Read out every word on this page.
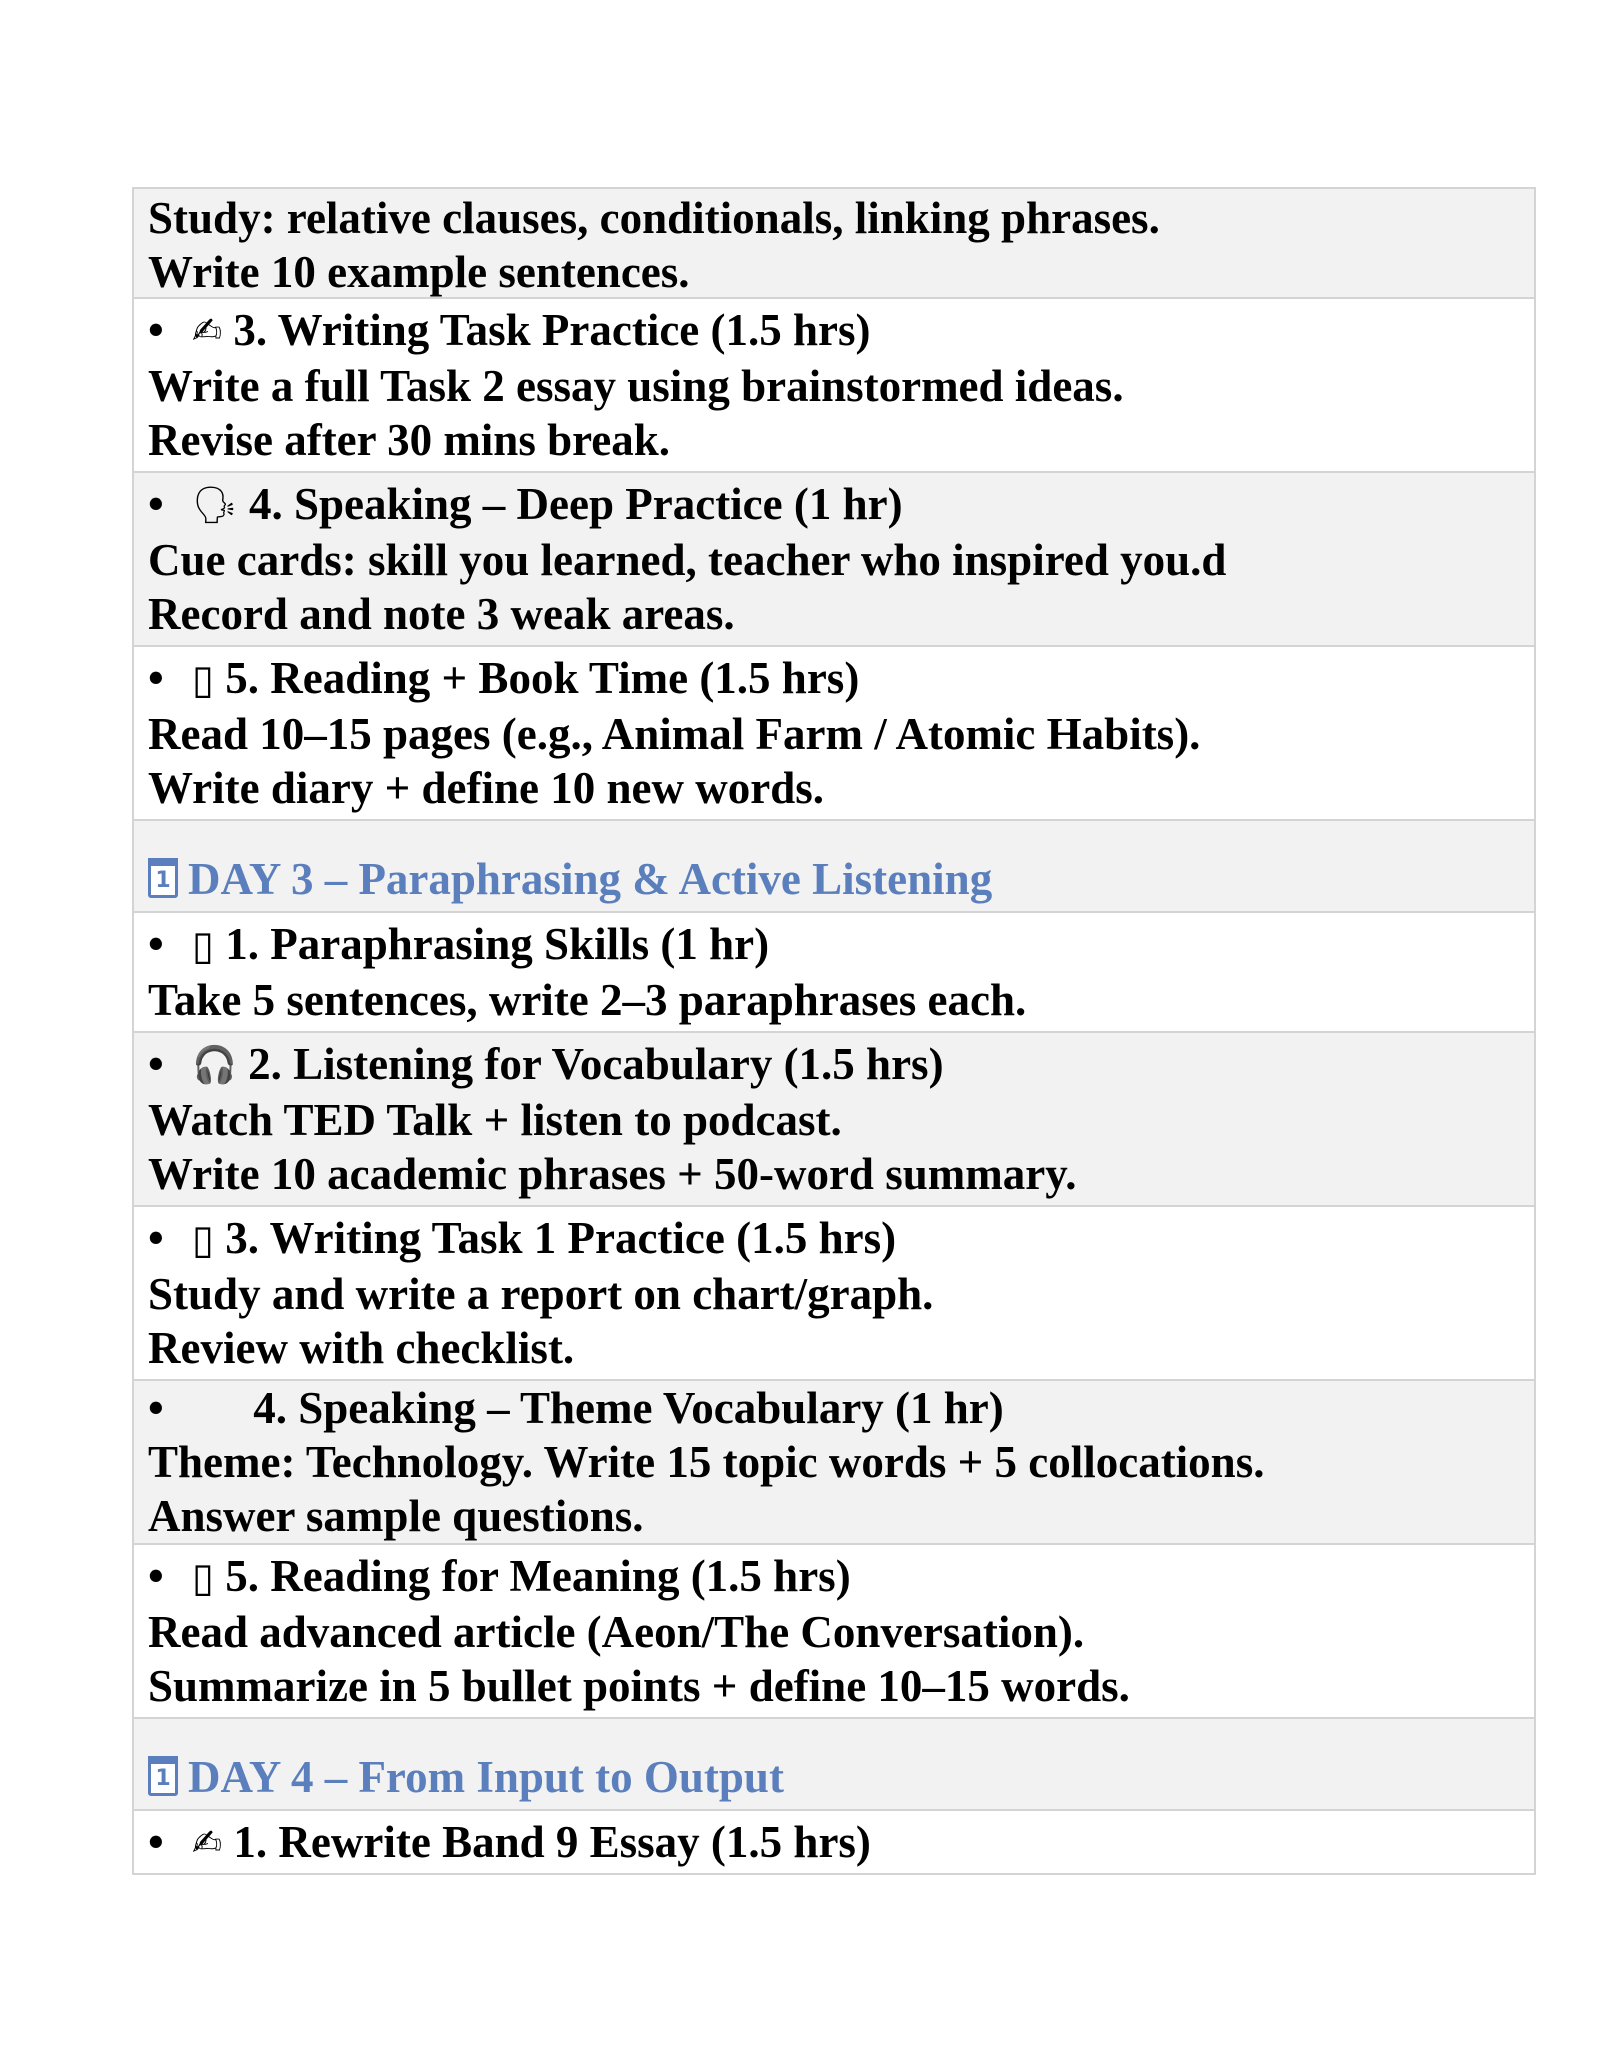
Study: relative clauses, conditionals, linking phrases.
Write 10 example sentences.
• ✍ 3. Writing Task Practice (1.5 hrs)
Write a full Task 2 essay using brainstormed ideas.
Revise after 30 mins break.
• 🗣 4. Speaking – Deep Practice (1 hr)
Cue cards: skill you learned, teacher who inspired you.d
Record and note 3 weak areas.
• ▯ 5. Reading + Book Time (1.5 hrs)
Read 10–15 pages (e.g., Animal Farm / Atomic Habits).
Write diary + define 10 new words.
1 DAY 3 – Paraphrasing & Active Listening
• ▯ 1. Paraphrasing Skills (1 hr)
Take 5 sentences, write 2–3 paraphrases each.
• 🎧 2. Listening for Vocabulary (1.5 hrs)
Watch TED Talk + listen to podcast.
Write 10 academic phrases + 50-word summary.
• ▯ 3. Writing Task 1 Practice (1.5 hrs)
Study and write a report on chart/graph.
Review with checklist.
• 4. Speaking – Theme Vocabulary (1 hr)
Theme: Technology. Write 15 topic words + 5 collocations.
Answer sample questions.
• ▯ 5. Reading for Meaning (1.5 hrs)
Read advanced article (Aeon/The Conversation).
Summarize in 5 bullet points + define 10–15 words.
1 DAY 4 – From Input to Output
• ✍ 1. Rewrite Band 9 Essay (1.5 hrs)
